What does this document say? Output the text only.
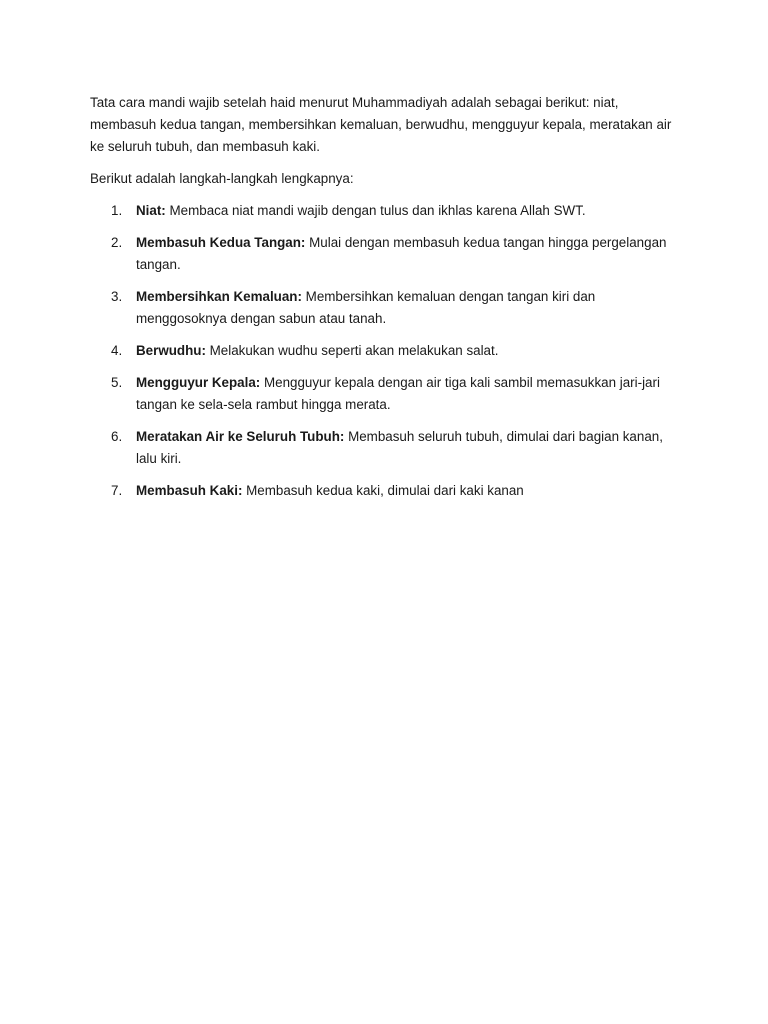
Tata cara mandi wajib setelah haid menurut Muhammadiyah adalah sebagai berikut: niat, membasuh kedua tangan, membersihkan kemaluan, berwudhu, mengguyur kepala, meratakan air ke seluruh tubuh, dan membasuh kaki.

Berikut adalah langkah-langkah lengkapnya:

1. Niat: Membaca niat mandi wajib dengan tulus dan ikhlas karena Allah SWT.
2. Membasuh Kedua Tangan: Mulai dengan membasuh kedua tangan hingga pergelangan tangan.
3. Membersihkan Kemaluan: Membersihkan kemaluan dengan tangan kiri dan menggosoknya dengan sabun atau tanah.
4. Berwudhu: Melakukan wudhu seperti akan melakukan salat.
5. Mengguyur Kepala: Mengguyur kepala dengan air tiga kali sambil memasukkan jari-jari tangan ke sela-sela rambut hingga merata.
6. Meratakan Air ke Seluruh Tubuh: Membasuh seluruh tubuh, dimulai dari bagian kanan, lalu kiri.
7. Membasuh Kaki: Membasuh kedua kaki, dimulai dari kaki kanan
